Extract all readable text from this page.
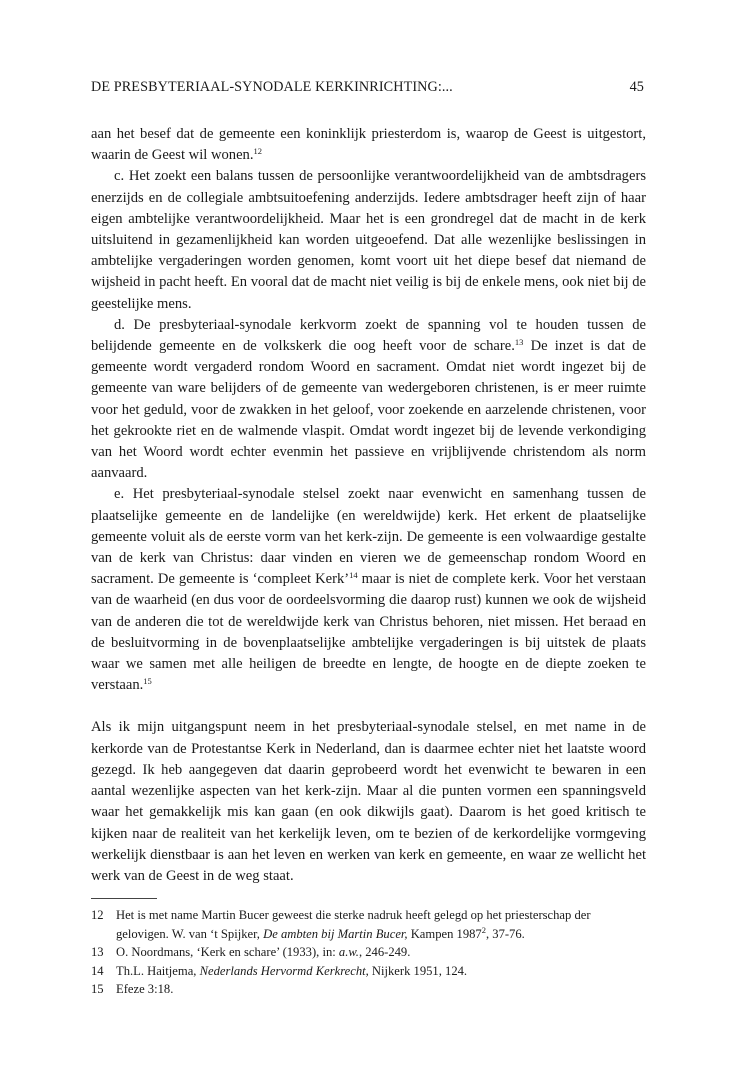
DE PRESBYTERIAAL-SYNODALE KERKINRICHTING:...	45

aan het besef dat de gemeente een koninklijk priesterdom is, waarop de Geest is uitgestort, waarin de Geest wil wonen.$^{12}$

c. Het zoekt een balans tussen de persoonlijke verantwoordelijkheid van de ambtsdragers enerzijds en de collegiale ambtsuitoefening anderzijds. Iedere ambtsdrager heeft zijn of haar eigen ambtelijke verantwoordelijkheid. Maar het is een grondregel dat de macht in de kerk uitsluitend in gezamenlijkheid kan worden uitgeoefend. Dat alle wezenlijke beslissingen in ambtelijke vergaderingen worden genomen, komt voort uit het diepe besef dat niemand de wijsheid in pacht heeft. En vooral dat de macht niet veilig is bij de enkele mens, ook niet bij de geestelijke mens.

d. De presbyteriaal-synodale kerkvorm zoekt de spanning vol te houden tussen de belijdende gemeente en de volkskerk die oog heeft voor de schare.$^{13}$ De inzet is dat de gemeente wordt vergaderd rondom Woord en sacrament. Omdat niet wordt ingezet bij de gemeente van ware belijders of de gemeente van wedergeboren christenen, is er meer ruimte voor het geduld, voor de zwakken in het geloof, voor zoekende en aarzelende christenen, voor het gekrookte riet en de walmende vlaspit. Omdat wordt ingezet bij de levende verkondiging van het Woord wordt echter evenmin het passieve en vrijblijvende christendom als norm aanvaard.

e. Het presbyteriaal-synodale stelsel zoekt naar evenwicht en samenhang tussen de plaatselijke gemeente en de landelijke (en wereldwijde) kerk. Het erkent de plaatselijke gemeente voluit als de eerste vorm van het kerk-zijn. De gemeente is een volwaardige gestalte van de kerk van Christus: daar vinden en vieren we de gemeenschap rondom Woord en sacrament. De gemeente is ‘compleet Kerk’$^{14}$ maar is niet de complete kerk. Voor het verstaan van de waarheid (en dus voor de oordeelsvorming die daarop rust) kunnen we ook de wijsheid van de anderen die tot de wereldwijde kerk van Christus behoren, niet missen. Het beraad en de besluitvorming in de bovenplaatselijke ambtelijke vergaderingen is bij uitstek de plaats waar we samen met alle heiligen de breedte en lengte, de hoogte en de diepte zoeken te verstaan.$^{15}$

Als ik mijn uitgangspunt neem in het presbyteriaal-synodale stelsel, en met name in de kerkorde van de Protestantse Kerk in Nederland, dan is daarmee echter niet het laatste woord gezegd. Ik heb aangegeven dat daarin geprobeerd wordt het evenwicht te bewaren in een aantal wezenlijke aspecten van het kerk-zijn. Maar al die punten vormen een spanningsveld waar het gemakkelijk mis kan gaan (en ook dikwijls gaat). Daarom is het goed kritisch te kijken naar de realiteit van het kerkelijk leven, om te bezien of de kerkordelijke vormgeving werkelijk dienstbaar is aan het leven en werken van kerk en gemeente, en waar ze wellicht het werk van de Geest in de weg staat.

12 Het is met name Martin Bucer geweest die sterke nadruk heeft gelegd op het priesterschap der gelovigen. W. van ‘t Spijker, De ambten bij Martin Bucer, Kampen 1987$^2$, 37-76.
13 O. Noordmans, ‘Kerk en schare’ (1933), in: a.w., 246-249.
14 Th.L. Haitjema, Nederlands Hervormd Kerkrecht, Nijkerk 1951, 124.
15 Efeze 3:18.
